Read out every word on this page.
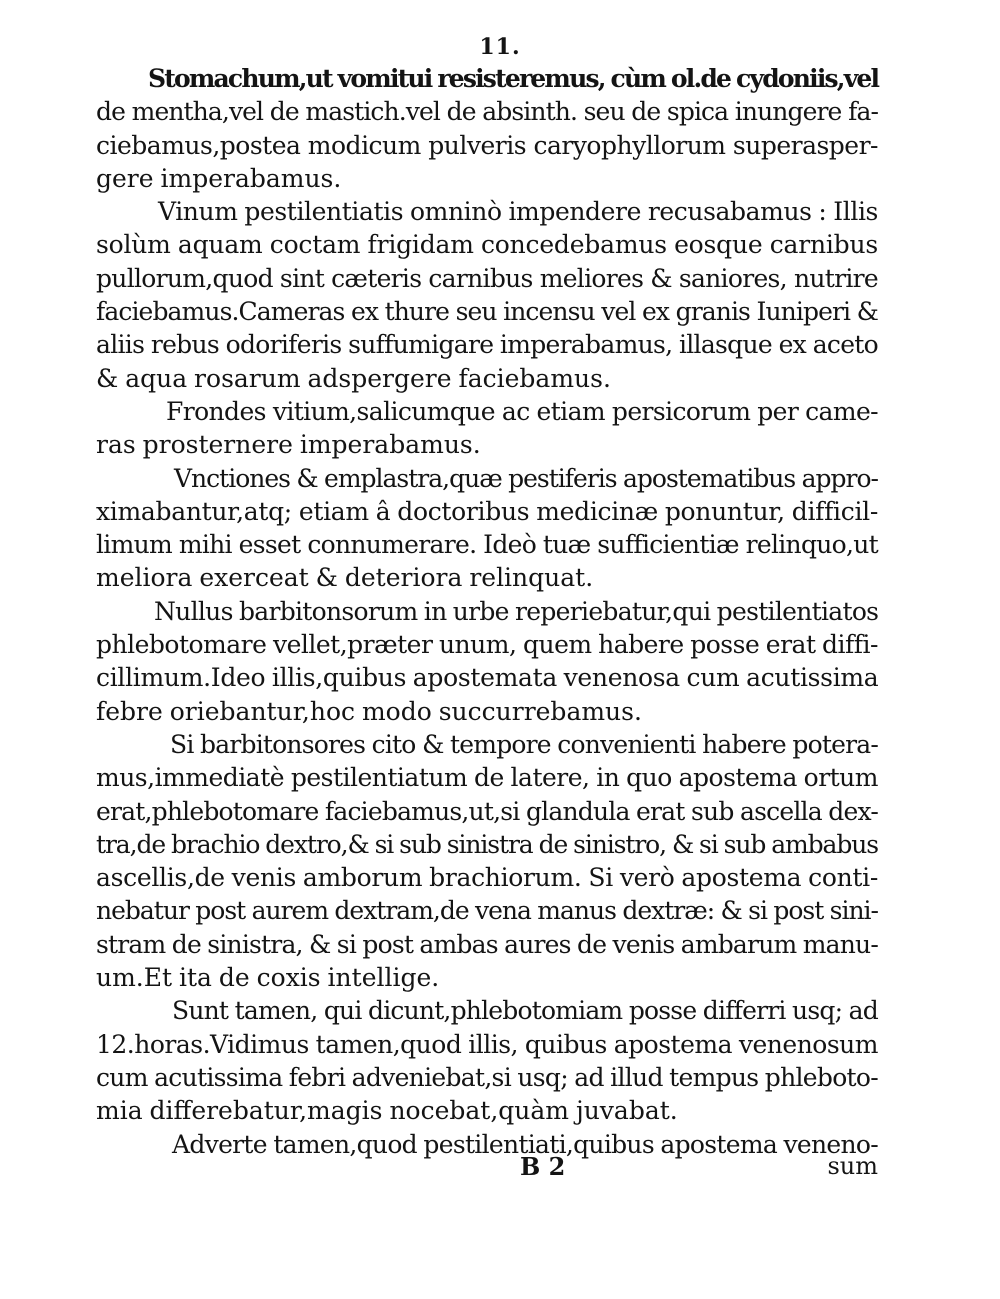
11.
Stomachum,ut vomitui resisteremus, cùm ol.de cydoniis,vel
de mentha,vel de mastich.vel de absinth. seu de spica inungere fa-
ciebamus,postea modicum pulveris caryophyllorum superasper-
gere imperabamus.
Vinum pestilentiatis omninò impendere recusabamus : Illis
solùm aquam coctam frigidam concedebamus eosque carnibus
pullorum,quod sint cæteris carnibus meliores & saniores, nutrire
faciebamus.Cameras ex thure seu incensu vel ex granis Iuniperi &
aliis rebus odoriferis suffumigare imperabamus, illasque ex aceto
& aqua rosarum adspergere faciebamus.
Frondes vitium,salicumque ac etiam persicorum per came-
ras prosternere imperabamus.
Vnctiones & emplastra,quæ pestiferis apostematibus appro-
ximabantur,atq; etiam â doctoribus medicinæ ponuntur, difficil-
limum mihi esset connumerare. Ideò tuæ sufficientiæ relinquo,ut
meliora exerceat & deteriora relinquat.
Nullus barbitonsorum in urbe reperiebatur,qui pestilentiatos
phlebotomare vellet,præter unum, quem habere posse erat diffi-
cillimum.Ideo illis,quibus apostemata venenosa cum acutissima
febre oriebantur,hoc modo succurrebamus.
Si barbitonsores cito & tempore convenienti habere potera-
mus,immediatè pestilentiatum de latere, in quo apostema ortum
erat,phlebotomare faciebamus,ut,si glandula erat sub ascella dex-
tra,de brachio dextro,& si sub sinistra de sinistro, & si sub ambabus
ascellis,de venis amborum brachiorum. Si verò apostema conti-
nebatur post aurem dextram,de vena manus dextræ: & si post sini-
stram de sinistra, & si post ambas aures de venis ambarum manu-
um.Et ita de coxis intellige.
Sunt tamen, qui dicunt,phlebotomiam posse differri usq; ad
12.horas.Vidimus tamen,quod illis, quibus apostema venenosum
cum acutissima febri adveniebat,si usq; ad illud tempus phleboto-
mia differebatur,magis nocebat,quàm juvabat.
Adverte tamen,quod pestilentiati,quibus apostema veneno-
B 2	sum
